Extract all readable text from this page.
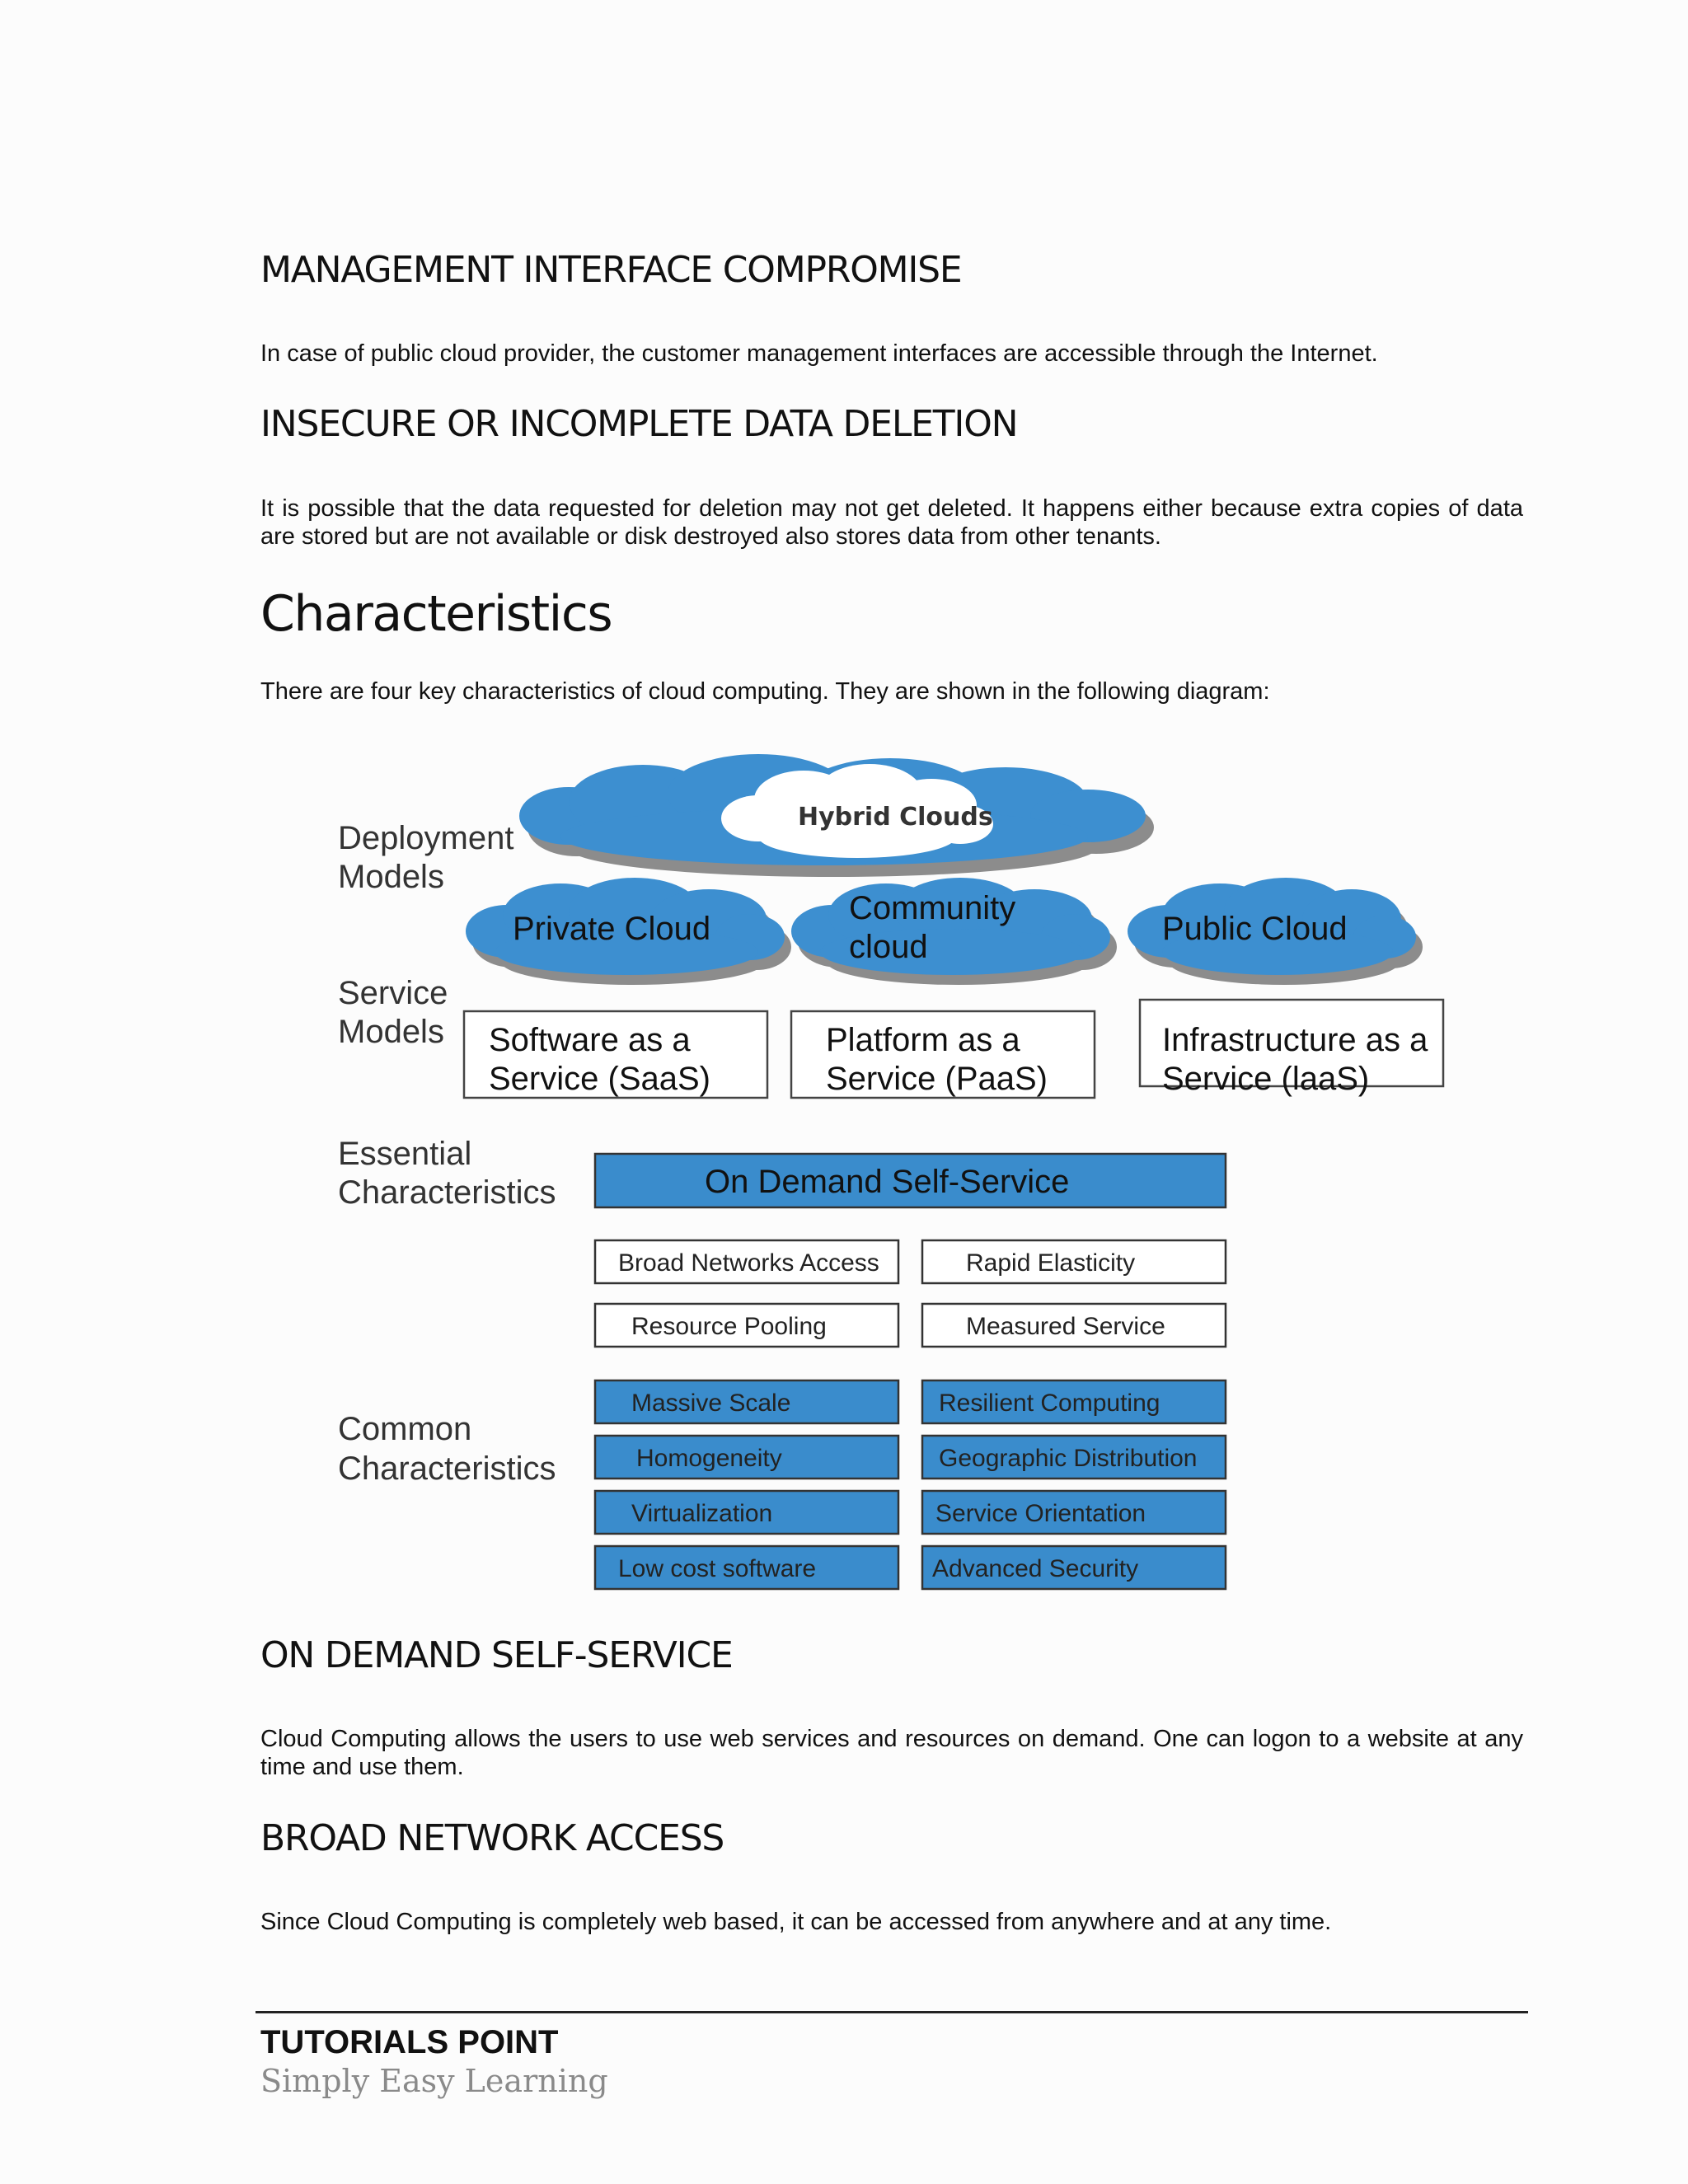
MANAGEMENT INTERFACE COMPROMISE

In case of public cloud provider, the customer management interfaces are accessible through the Internet.

INSECURE OR INCOMPLETE DATA DELETION

It is possible that the data requested for deletion may not get deleted. It happens either because extra copies of data are stored but are not available or disk destroyed also stores data from other tenants.

Characteristics

There are four key characteristics of cloud computing. They are shown in the following diagram:

ON DEMAND SELF-SERVICE

Cloud Computing allows the users to use web services and resources on demand. One can logon to a website at any time and use them.

BROAD NETWORK ACCESS

Since Cloud Computing is completely web based, it can be accessed from anywhere and at any time.

Deployment
Models
Service
Models
Essential
Characteristics
Common
Characteristics
Hybrid Clouds
Private Cloud
Community
cloud	Public Cloud
Software as a
Service (SaaS)
Platform as a
Service (PaaS)
Infrastructure as a
Service (laaS)
On Demand Self-Service
Broad Networks Access	Rapid Elasticity
Resource Pooling	Measured Service
Massive Scale	Resilient Computing
Homogeneity	Geographic Distribution
Virtualization	Service Orientation
Low cost software	Advanced Security
TUTORIALS POINT
Simply Easy Learning
